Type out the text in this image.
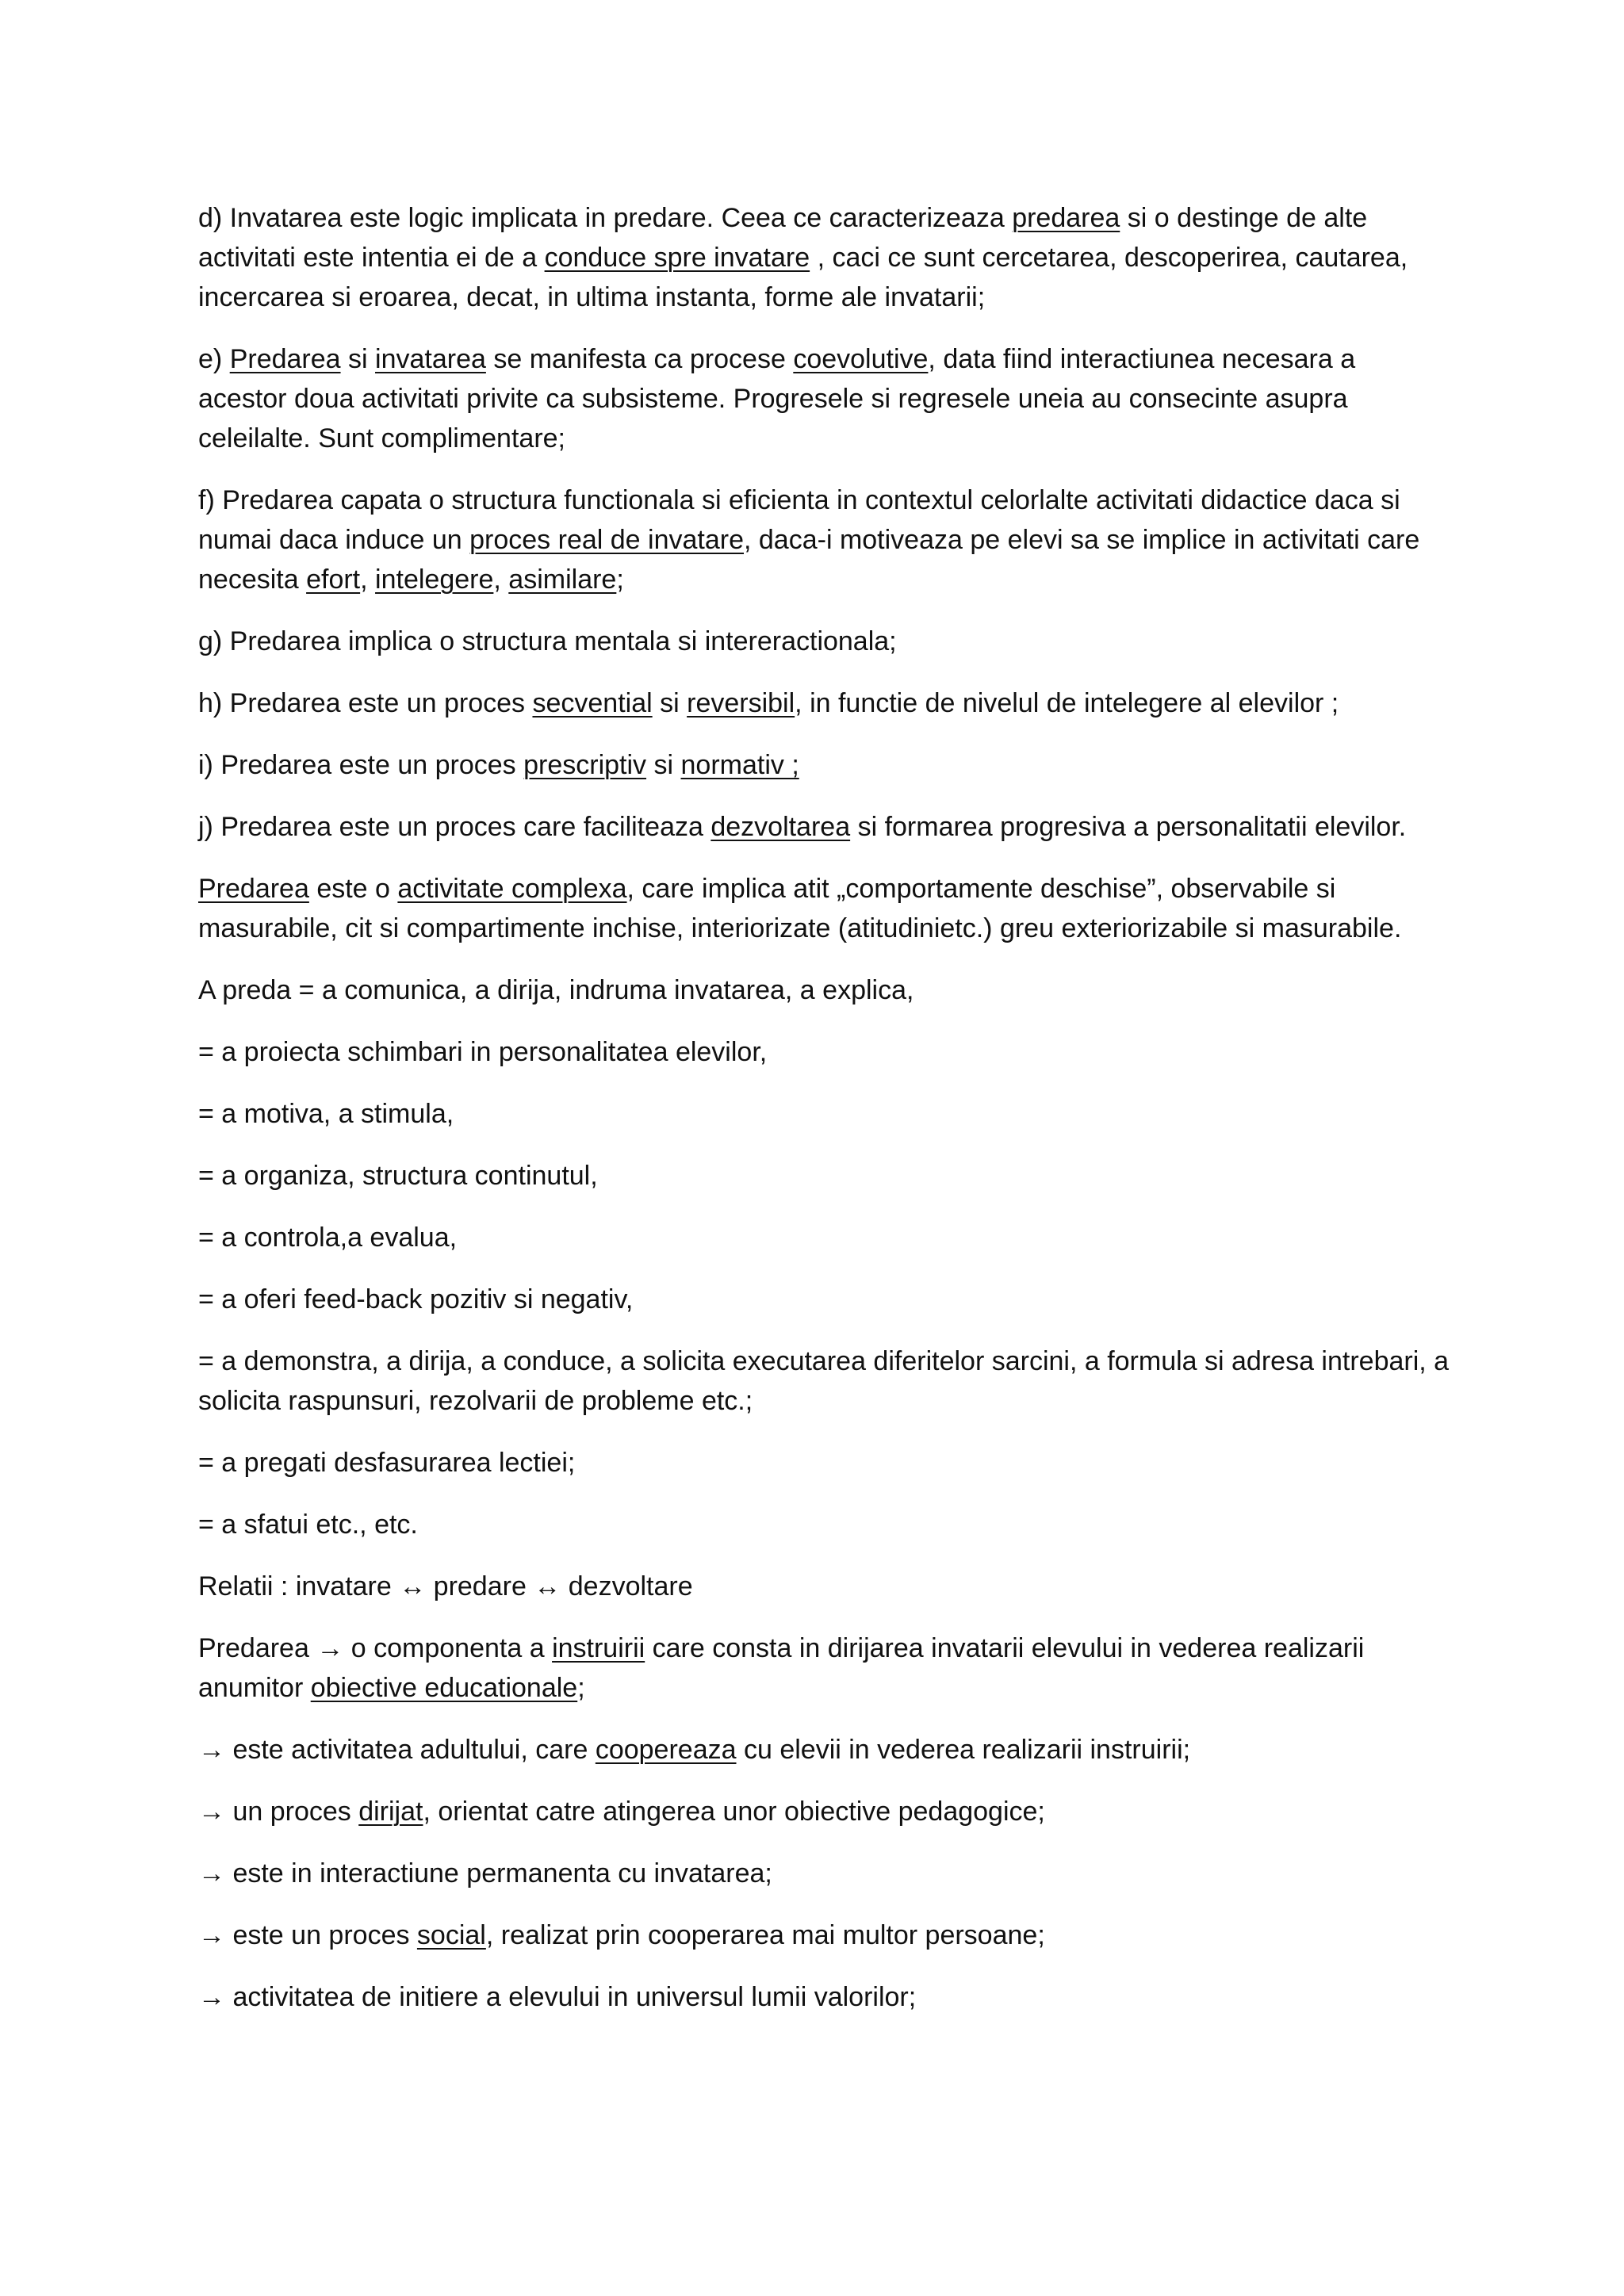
d) Invatarea este logic implicata in predare. Ceea ce caracterizeaza predarea si o destinge de alte activitati este intentia ei de a conduce spre invatare , caci ce sunt cercetarea, descoperirea, cautarea, incercarea si eroarea, decat, in ultima instanta, forme ale invatarii;

e) Predarea si invatarea se manifesta ca procese coevolutive, data fiind interactiunea necesara a acestor doua activitati privite ca subsisteme. Progresele si regresele uneia au consecinte asupra celeilalte. Sunt complimentare;

f) Predarea capata o structura functionala si eficienta in contextul celorlalte activitati didactice daca si numai daca induce un proces real de invatare, daca-i motiveaza pe elevi sa se implice in activitati care necesita efort, intelegere, asimilare;

g) Predarea implica o structura mentala si intereractionala;

h) Predarea este un proces secvential si reversibil, in functie de nivelul de intelegere al elevilor ;

i) Predarea este un proces prescriptiv si normativ ;

j) Predarea este un proces care faciliteaza dezvoltarea si formarea progresiva a personalitatii elevilor.

Predarea este o activitate complexa, care implica atit „comportamente deschise”, observabile si masurabile, cit si compartimente inchise, interiorizate (atitudinietc.) greu exteriorizabile si masurabile.

A preda = a comunica, a dirija, indruma invatarea, a explica,

= a proiecta schimbari in personalitatea elevilor,

= a motiva, a stimula,

= a organiza, structura continutul,

= a controla,a evalua,

= a oferi feed-back pozitiv si negativ,

= a demonstra, a dirija, a conduce, a solicita executarea diferitelor sarcini, a formula si adresa intrebari, a solicita raspunsuri, rezolvarii de probleme etc.;

= a pregati desfasurarea lectiei;

= a sfatui etc., etc.

Relatii : invatare ↔ predare ↔ dezvoltare

Predarea → o componenta a instruirii care consta in dirijarea invatarii elevului in vederea realizarii anumitor obiective educationale;

→ este activitatea adultului, care coopereaza cu elevii in vederea realizarii instruirii;

→ un proces dirijat, orientat catre atingerea unor obiective pedagogice;

→ este in interactiune permanenta cu invatarea;

→ este un proces social, realizat prin cooperarea mai multor persoane;

→ activitatea de initiere a elevului in universul lumii valorilor;
